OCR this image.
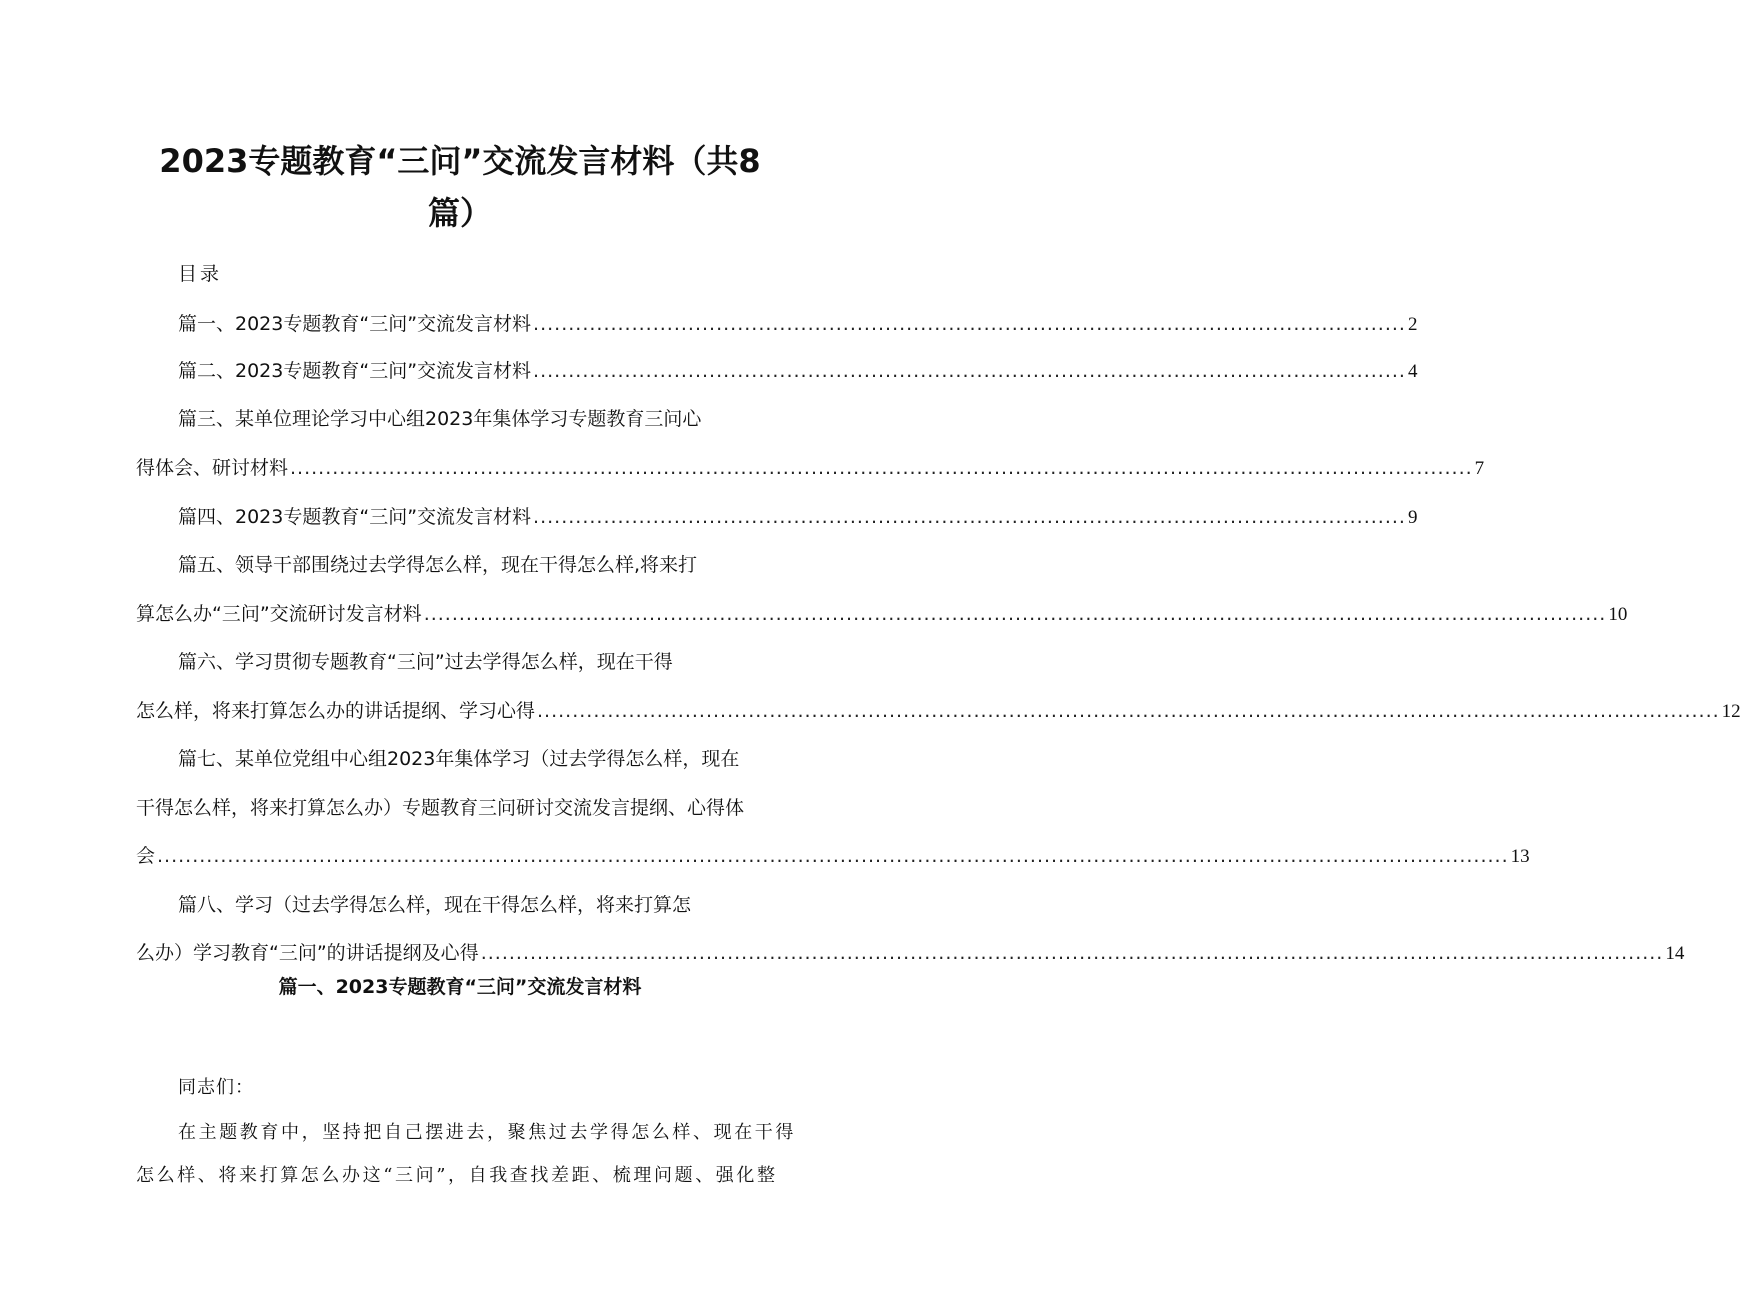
2023专题教育“三问”交流发言材料（共8
篇）
目录
篇一、2023专题教育“三问”交流发言材料 ............................................................................................................................ 2
篇二、2023专题教育“三问”交流发言材料 ............................................................................................................................ 4
篇三、某单位理论学习中心组2023年集体学习专题教育三问心
得体会、研讨材料 ........................................................................................................................................................................ 7
篇四、2023专题教育“三问”交流发言材料 ............................................................................................................................ 9
篇五、领导干部围绕过去学得怎么样，现在干得怎么样,将来打
算怎么办“三问”交流研讨发言材料 ........................................................................................................................................................................ 10
篇六、学习贯彻专题教育“三问”过去学得怎么样，现在干得
怎么样，将来打算怎么办的讲话提纲、学习心得 ........................................................................................................................................................................ 12
篇七、某单位党组中心组2023年集体学习（过去学得怎么样，现在
干得怎么样，将来打算怎么办）专题教育三问研讨交流发言提纲、心得体
会 ................................................................................................................................................................................................ 13
篇八、学习（过去学得怎么样，现在干得怎么样，将来打算怎
么办）学习教育“三问”的讲话提纲及心得 ........................................................................................................................................................................ 14
篇一、2023专题教育“三问”交流发言材料
同志们：
在主题教育中，坚持把自己摆进去，聚焦过去学得怎么样、现在干得
怎么样、将来打算怎么办这“三问”，自我查找差距、梳理问题、强化整
